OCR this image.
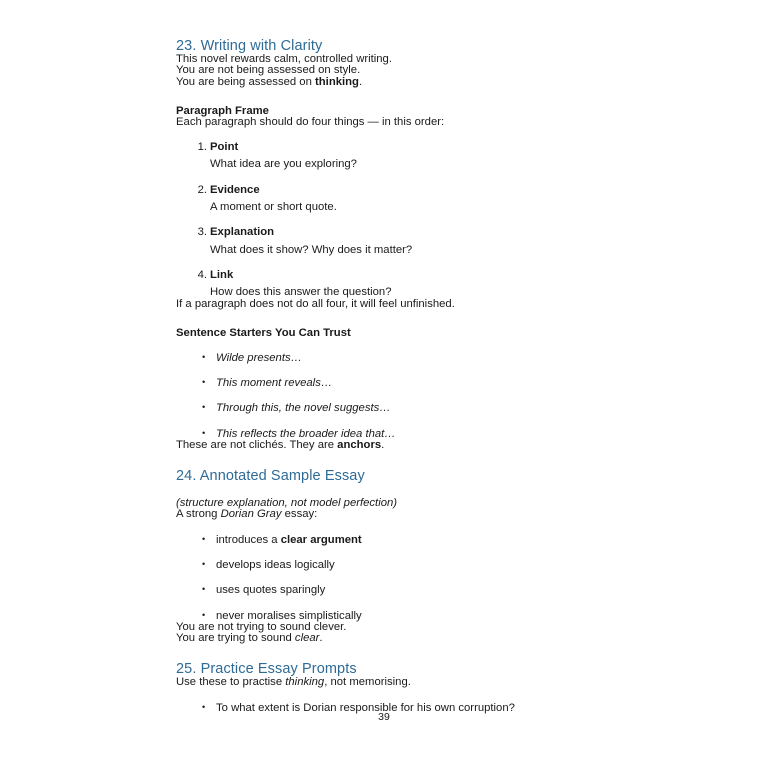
23. Writing with Clarity

This novel rewards calm, controlled writing.

You are not being assessed on style.

You are being assessed on thinking.

Paragraph Frame

Each paragraph should do four things — in this order:

Point
What idea are you exploring?
Evidence
A moment or short quote.
Explanation
What does it show? Why does it matter?
Link
How does this answer the question?

If a paragraph does not do all four, it will feel unfinished.

Sentence Starters You Can Trust

• Wilde presents…
• This moment reveals…
• Through this, the novel suggests…
• This reflects the broader idea that…

These are not clichés. They are anchors.

24. Annotated Sample Essay

(structure explanation, not model perfection)

A strong Dorian Gray essay:

• introduces a clear argument
• develops ideas logically
• uses quotes sparingly
• never moralises simplistically

You are not trying to sound clever.

You are trying to sound clear.

25. Practice Essay Prompts

Use these to practise thinking, not memorising.

• To what extent is Dorian responsible for his own corruption?
39
